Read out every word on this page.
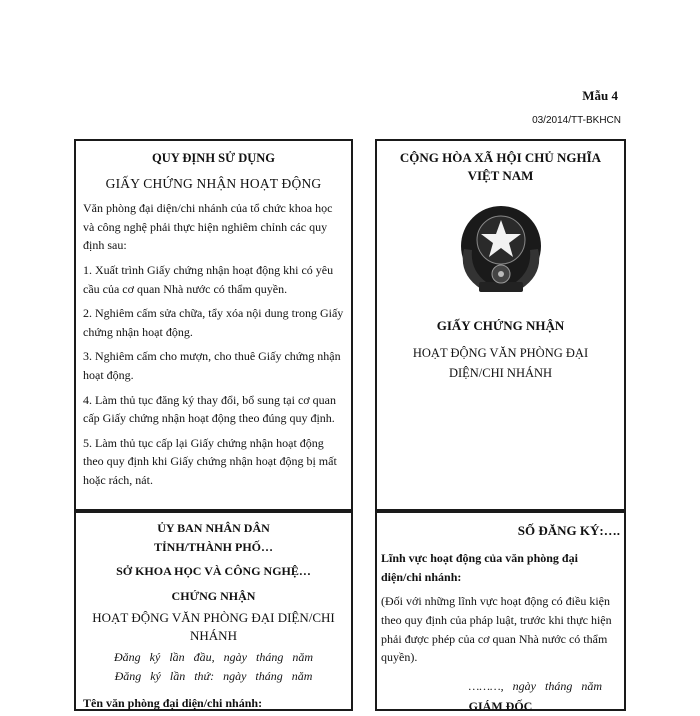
Mẫu 4
03/2014/TT-BKHCN
QUY ĐỊNH SỬ DỤNG
GIẤY CHỨNG NHẬN HOẠT ĐỘNG

Văn phòng đại diện/chi nhánh của tổ chức khoa học và công nghệ phải thực hiện nghiêm chỉnh các quy định sau:

1. Xuất trình Giấy chứng nhận hoạt động khi có yêu cầu của cơ quan Nhà nước có thẩm quyền.

2. Nghiêm cấm sửa chữa, tẩy xóa nội dung trong Giấy chứng nhận hoạt động.

3. Nghiêm cấm cho mượn, cho thuê Giấy chứng nhận hoạt động.

4. Làm thủ tục đăng ký thay đổi, bổ sung tại cơ quan cấp Giấy chứng nhận hoạt động theo đúng quy định.

5. Làm thủ tục cấp lại Giấy chứng nhận hoạt động theo quy định khi Giấy chứng nhận hoạt động bị mất hoặc rách, nát.

CỘNG HÒA XÃ HỘI CHỦ NGHĨA VIỆT NAM
GIẤY CHỨNG NHẬN
HOẠT ĐỘNG VĂN PHÒNG ĐẠI DIỆN/CHI NHÁNH
ỦY BAN NHÂN DÂN
TỈNH/THÀNH PHỐ…
SỞ KHOA HỌC VÀ CÔNG NGHỆ…
CHỨNG NHẬN
HOẠT ĐỘNG VĂN PHÒNG ĐẠI DIỆN/CHI NHÁNH
Đăng ký lần đầu, ngày tháng năm
Đăng ký lần thứ: ngày tháng năm
Tên văn phòng đại diện/chi nhánh:
SỐ ĐĂNG KÝ:….
Lĩnh vực hoạt động của văn phòng đại diện/chi nhánh:
(Đối với những lĩnh vực hoạt động có điều kiện theo quy định của pháp luật, trước khi thực hiện phải được phép của cơ quan Nhà nước có thẩm quyền).
………, ngày tháng năm
GIÁM ĐỐC
